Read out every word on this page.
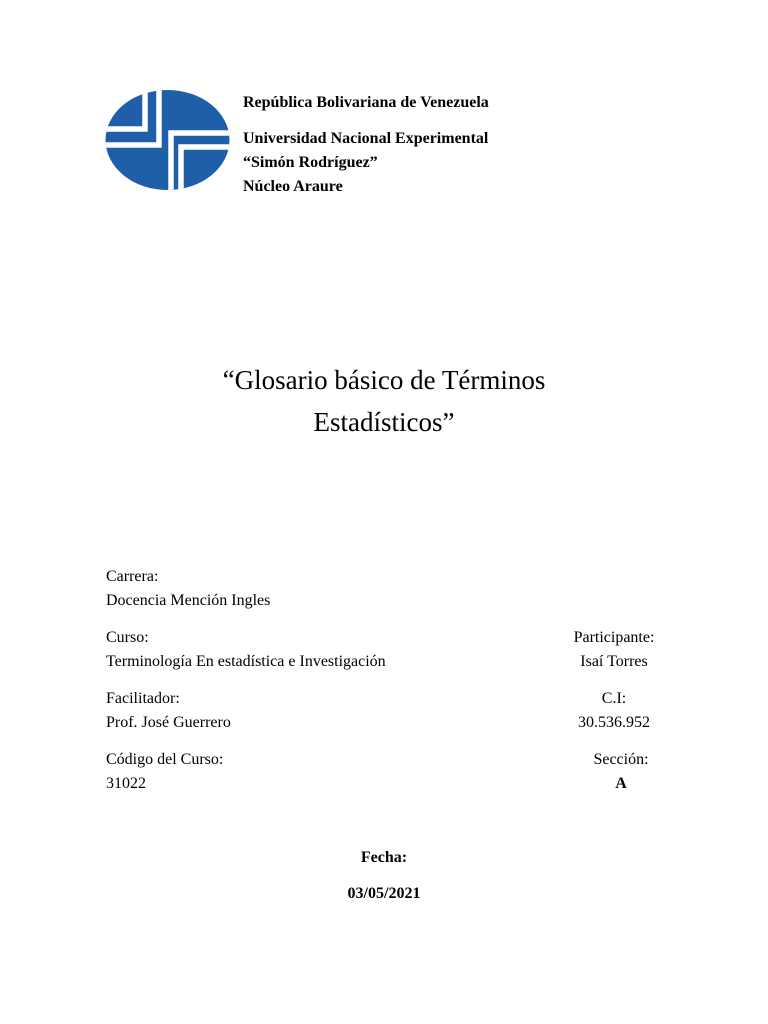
República Bolivariana de Venezuela
Universidad Nacional Experimental
“Simón Rodríguez”
Núcleo Araure
“Glosario básico de Términos
Estadísticos”
Carrera:
Docencia Mención Ingles
Curso:
Terminología En estadística e Investigación
Facilitador:
Prof. José Guerrero
Código del Curso:
31022
Participante:
Isaí Torres
C.I:
30.536.952
Sección:
A
Fecha:
03/05/2021
